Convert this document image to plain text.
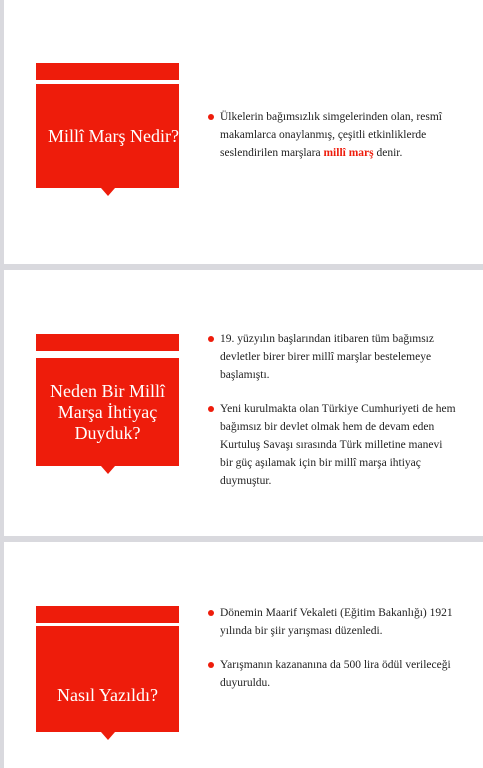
Millî Marş Nedir?
Ülkelerin bağımsızlık simgelerinden olan, resmî makamlarca onaylanmış, çeşitli etkinliklerde seslendirilen marşlara millî marş denir.
Neden Bir Millî
Marşa İhtiyaç
Duyduk?
19. yüzyılın başlarından itibaren tüm bağımsız devletler birer birer millî marşlar bestelemeye başlamıştı.
Yeni kurulmakta olan Türkiye Cumhuriyeti de hem bağımsız bir devlet olmak hem de devam eden Kurtuluş Savaşı sırasında Türk milletine manevi bir güç aşılamak için bir millî marşa ihtiyaç duymuştur.
Nasıl Yazıldı?
Dönemin Maarif Vekaleti (Eğitim Bakanlığı) 1921 yılında bir şiir yarışması düzenledi.
Yarışmanın kazananına da 500 lira ödül verileceği duyuruldu.
